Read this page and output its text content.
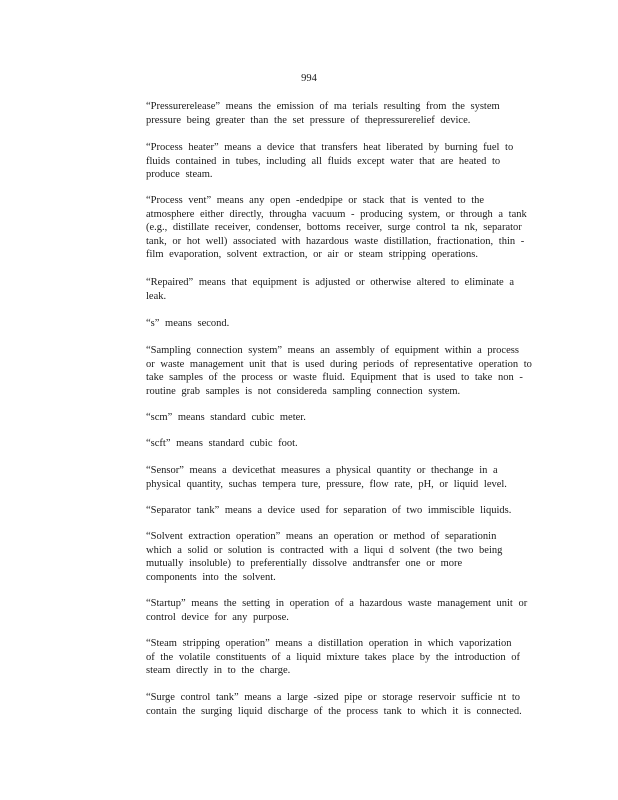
994
“Pressurerelease” means the emission of ma terials resulting from the system
pressure being greater than the set pressure of thepressurerelief device.
“Process heater” means a device that transfers heat liberated by burning fuel to
fluids contained in tubes, including all fluids except water that are heated to
produce steam.
“Process vent” means any open -endedpipe or stack that is vented to the
atmosphere either directly, througha vacuum - producing system, or through a tank
(e.g., distillate receiver, condenser, bottoms receiver, surge control ta nk, separator
tank, or hot well) associated with hazardous waste distillation, fractionation, thin -
film evaporation, solvent extraction, or air or steam stripping operations.
“Repaired” means that equipment is adjusted or otherwise altered to eliminate a
leak.
“s” means second.
“Sampling connection system” means an assembly of equipment within a process
or waste management unit that is used during periods of representative operation to
take samples of the process or waste fluid. Equipment that is used to take non -
routine grab samples is not considereda sampling connection system.
“scm” means standard cubic meter.
“scft” means standard cubic foot.
“Sensor” means a devicethat measures a physical quantity or thechange in a
physical quantity, suchas tempera ture, pressure, flow rate, pH, or liquid level.
“Separator tank” means a device used for separation of two immiscible liquids.
“Solvent extraction operation” means an operation or method of separationin
which a solid or solution is contracted with a liqui d solvent (the two being
mutually insoluble) to preferentially dissolve andtransfer one or more
components into the solvent.
“Startup” means the setting in operation of a hazardous waste management unit or
control device for any purpose.
“Steam stripping operation” means a distillation operation in which vaporization
of the volatile constituents of a liquid mixture takes place by the introduction of
steam directly in to the charge.
“Surge control tank” means a large -sized pipe or storage reservoir sufficie nt to
contain the surging liquid discharge of the process tank to which it is connected.
